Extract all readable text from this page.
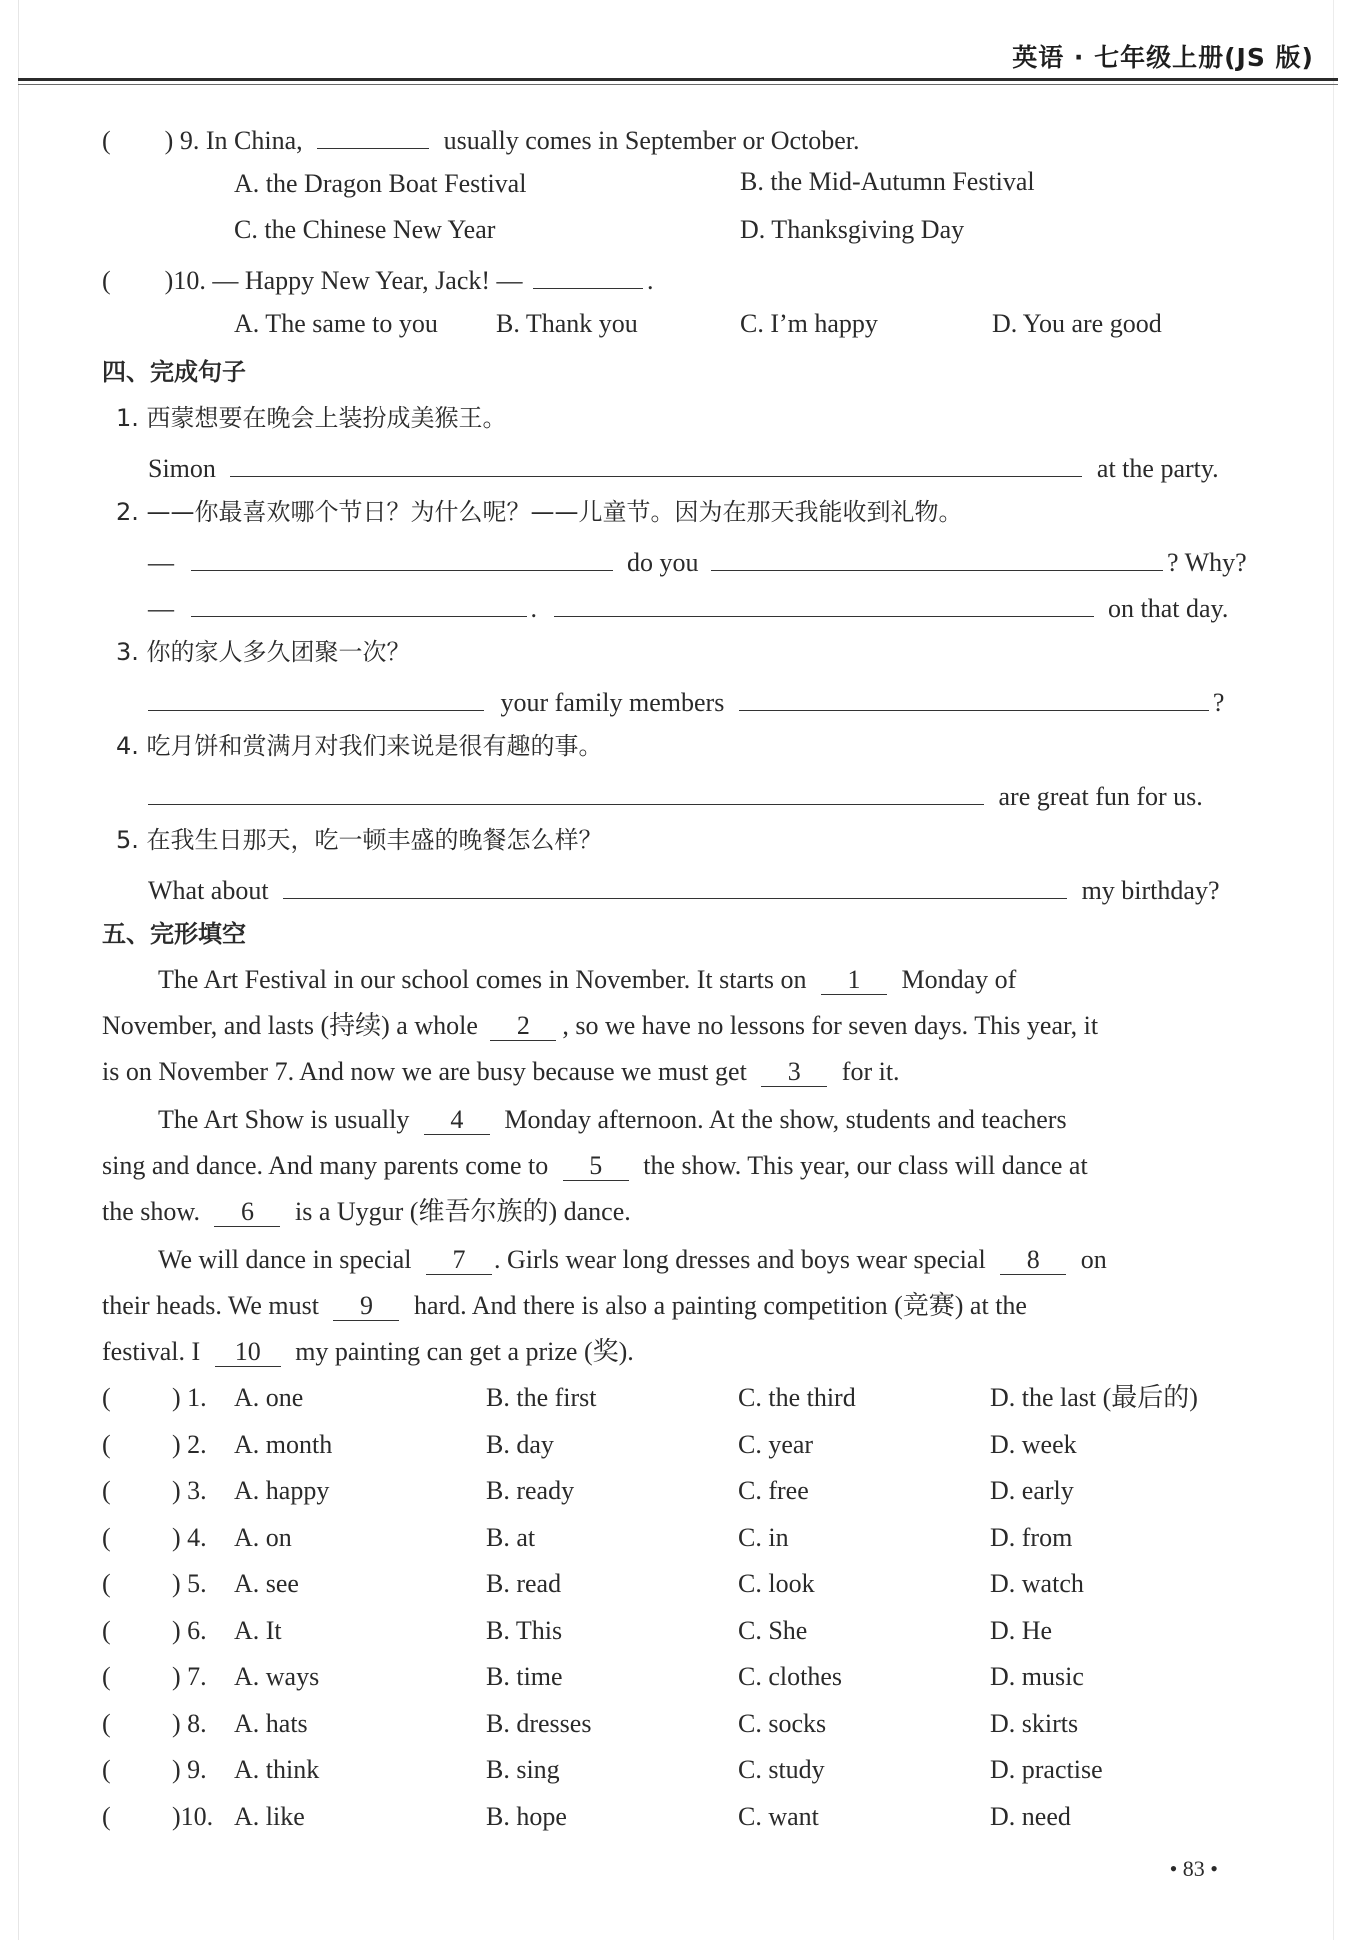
英语 · 七年级上册(JS 版)
( ) 9. In China,	usually comes in September or October.
A. the Dragon Boat Festival	B. the Mid-Autumn Festival
C. the Chinese New Year	D. Thanksgiving Day
( )10. — Happy New Year, Jack! —	.
A. The same to you B. Thank you	C. I’m happy	D. You are good
四、完成句子
1. 西蒙想要在晚会上装扮成美猴王。
Simon	at the party.
2. ——你最喜欢哪个节日？为什么呢？——儿童节。因为在那天我能收到礼物。
—	do you	? Why?
—	.	on that day.
3. 你的家人多久团聚一次？
your family members	?
4. 吃月饼和赏满月对我们来说是很有趣的事。
are great fun for us.
5. 在我生日那天，吃一顿丰盛的晚餐怎么样？
What about	my birthday?
五、完形填空
The Art Festival in our school comes in November. It starts on 1 Monday of
November, and lasts (持续) a whole 2 , so we have no lessons for seven days. This year, it
is on November 7. And now we are busy because we must get 3 for it.
The Art Show is usually 4 Monday afternoon. At the show, students and teachers
sing and dance. And many parents come to 5 the show. This year, our class will dance at
the show. 6 is a Uygur (维吾尔族的) dance.
We will dance in special 7 . Girls wear long dresses and boys wear special 8 on
their heads. We must 9 hard. And there is also a painting competition (竞赛) at the
festival. I 10 my painting can get a prize (奖).
( ) 1. A. one	B. the first	C. the third	D. the last (最后的)
( ) 2. A. month	B. day	C. year	D. week
( ) 3. A. happy	B. ready	C. free	D. early
( ) 4. A. on	B. at	C. in	D. from
( ) 5. A. see	B. read	C. look	D. watch
( ) 6. A. It	B. This	C. She	D. He
( ) 7. A. ways	B. time	C. clothes	D. music
( ) 8. A. hats	B. dresses	C. socks	D. skirts
( ) 9. A. think	B. sing	C. study	D. practise
( )10. A. like	B. hope	C. want	D. need
• 83 •
